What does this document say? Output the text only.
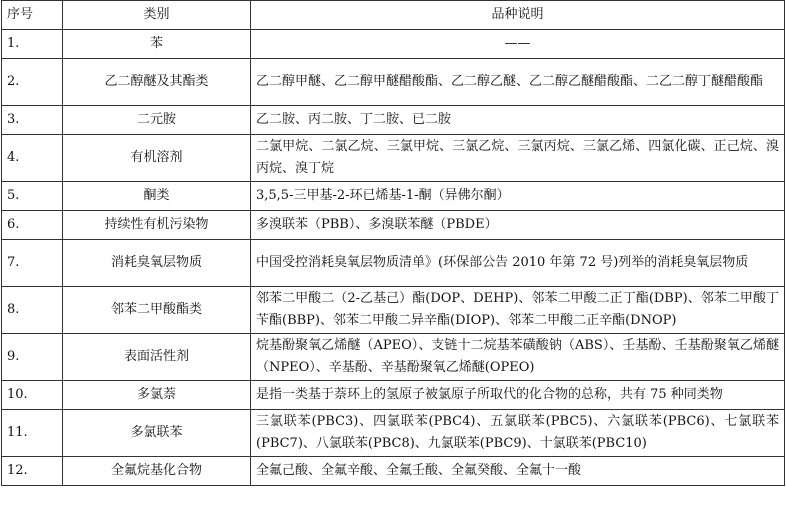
序号	类别	品种说明
1.	苯	——
2.	乙二醇醚及其酯类	乙二醇甲醚、乙二醇甲醚醋酸酯、乙二醇乙醚、乙二醇乙醚醋酸酯、二乙二醇丁醚醋酸酯
3.	二元胺	乙二胺、丙二胺、丁二胺、已二胺
4.	有机溶剂	二氯甲烷、二氯乙烷、三氯甲烷、三氯乙烷、三氯丙烷、三氯乙烯、四氯化碳、正己烷、溴丙烷、溴丁烷
5.	酮类	3,5,5-三甲基-2-环已烯基-1-酮（异佛尔酮）
6.	持续性有机污染物	多溴联苯（PBB）、多溴联苯醚（PBDE）
7.	消耗臭氧层物质	中国受控消耗臭氧层物质清单》(环保部公告 2010 年第 72 号)列举的消耗臭氧层物质
8.	邻苯二甲酸酯类	邻苯二甲酸二（2-乙基己）酯(DOP、DEHP)、邻苯二甲酸二正丁酯(DBP)、邻苯二甲酸丁苄酯(BBP)、邻苯二甲酸二异辛酯(DIOP)、邻苯二甲酸二正辛酯(DNOP)
9.	表面活性剂	烷基酚聚氧乙烯醚（APEO）、支链十二烷基苯磺酸钠（ABS）、壬基酚、壬基酚聚氧乙烯醚（NPEO）、辛基酚、辛基酚聚氧乙烯醚(OPEO)
10.	多氯萘	是指一类基于萘环上的氢原子被氯原子所取代的化合物的总称，共有 75 种同类物
11.	多氯联苯	三氯联苯(PBC3)、四氯联苯(PBC4)、五氯联苯(PBC5)、六氯联苯(PBC6)、七氯联苯(PBC7)、八氯联苯(PBC8)、九氯联苯(PBC9)、十氯联苯(PBC10)
12.	全氟烷基化合物	全氟己酸、全氟辛酸、全氟壬酸、全氟癸酸、全氟十一酸
